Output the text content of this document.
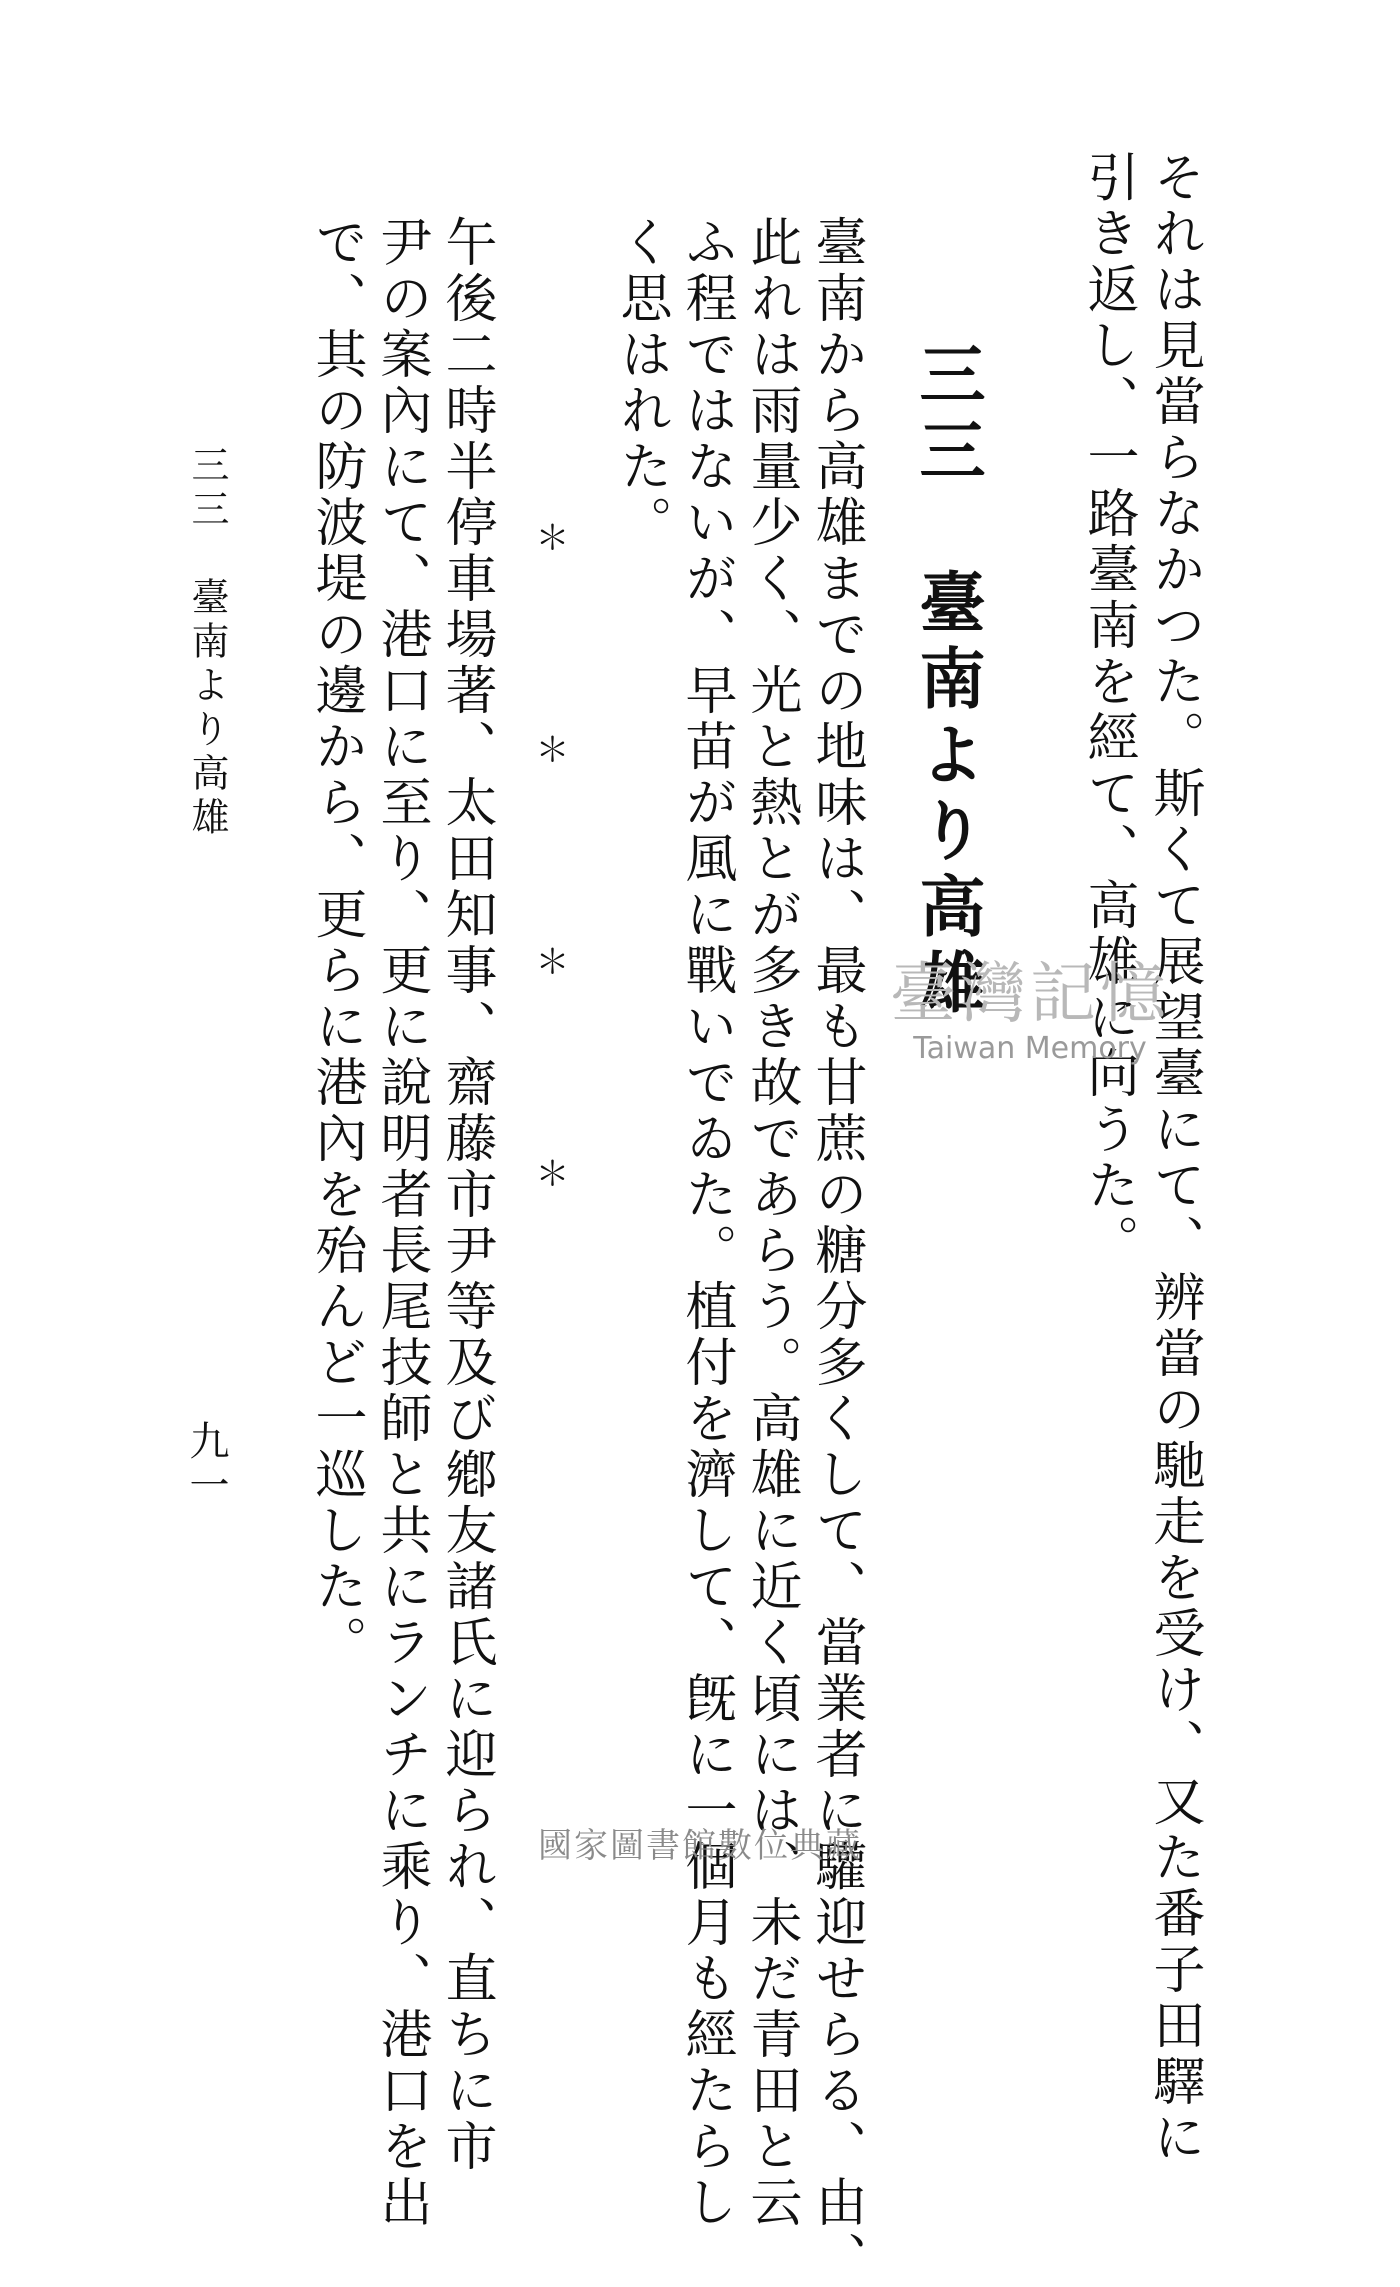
それは見當らなかつた。斯くて展望臺にて、辨當の馳走を受け、又た番子田驛に
引き返し、一路臺南を經て、高雄に向うた。
三三　臺南より高雄
臺南から高雄までの地味は、最も甘蔗の糖分多くして、當業者に驩迎せらる、由、
此れは雨量少く、光と熱とが多き故であらう。高雄に近く頃には、未だ青田と云
ふ程ではないが、早苗が風に戰いでゐた。植付を濟して、旣に一個月も經たらし
く思はれた。
＊　＊　＊　＊
午後二時半停車場著、太田知事、齋藤市尹等及び鄕友諸氏に迎られ、直ちに市
尹の案內にて、港口に至り、更に說明者長尾技師と共にランチに乘り、港口を出
で、其の防波堤の邊から、更らに港內を殆んど一巡した。
三三　臺南より高雄
九一
臺灣記憶
Taiwan Memory
國家圖書館數位典藏
